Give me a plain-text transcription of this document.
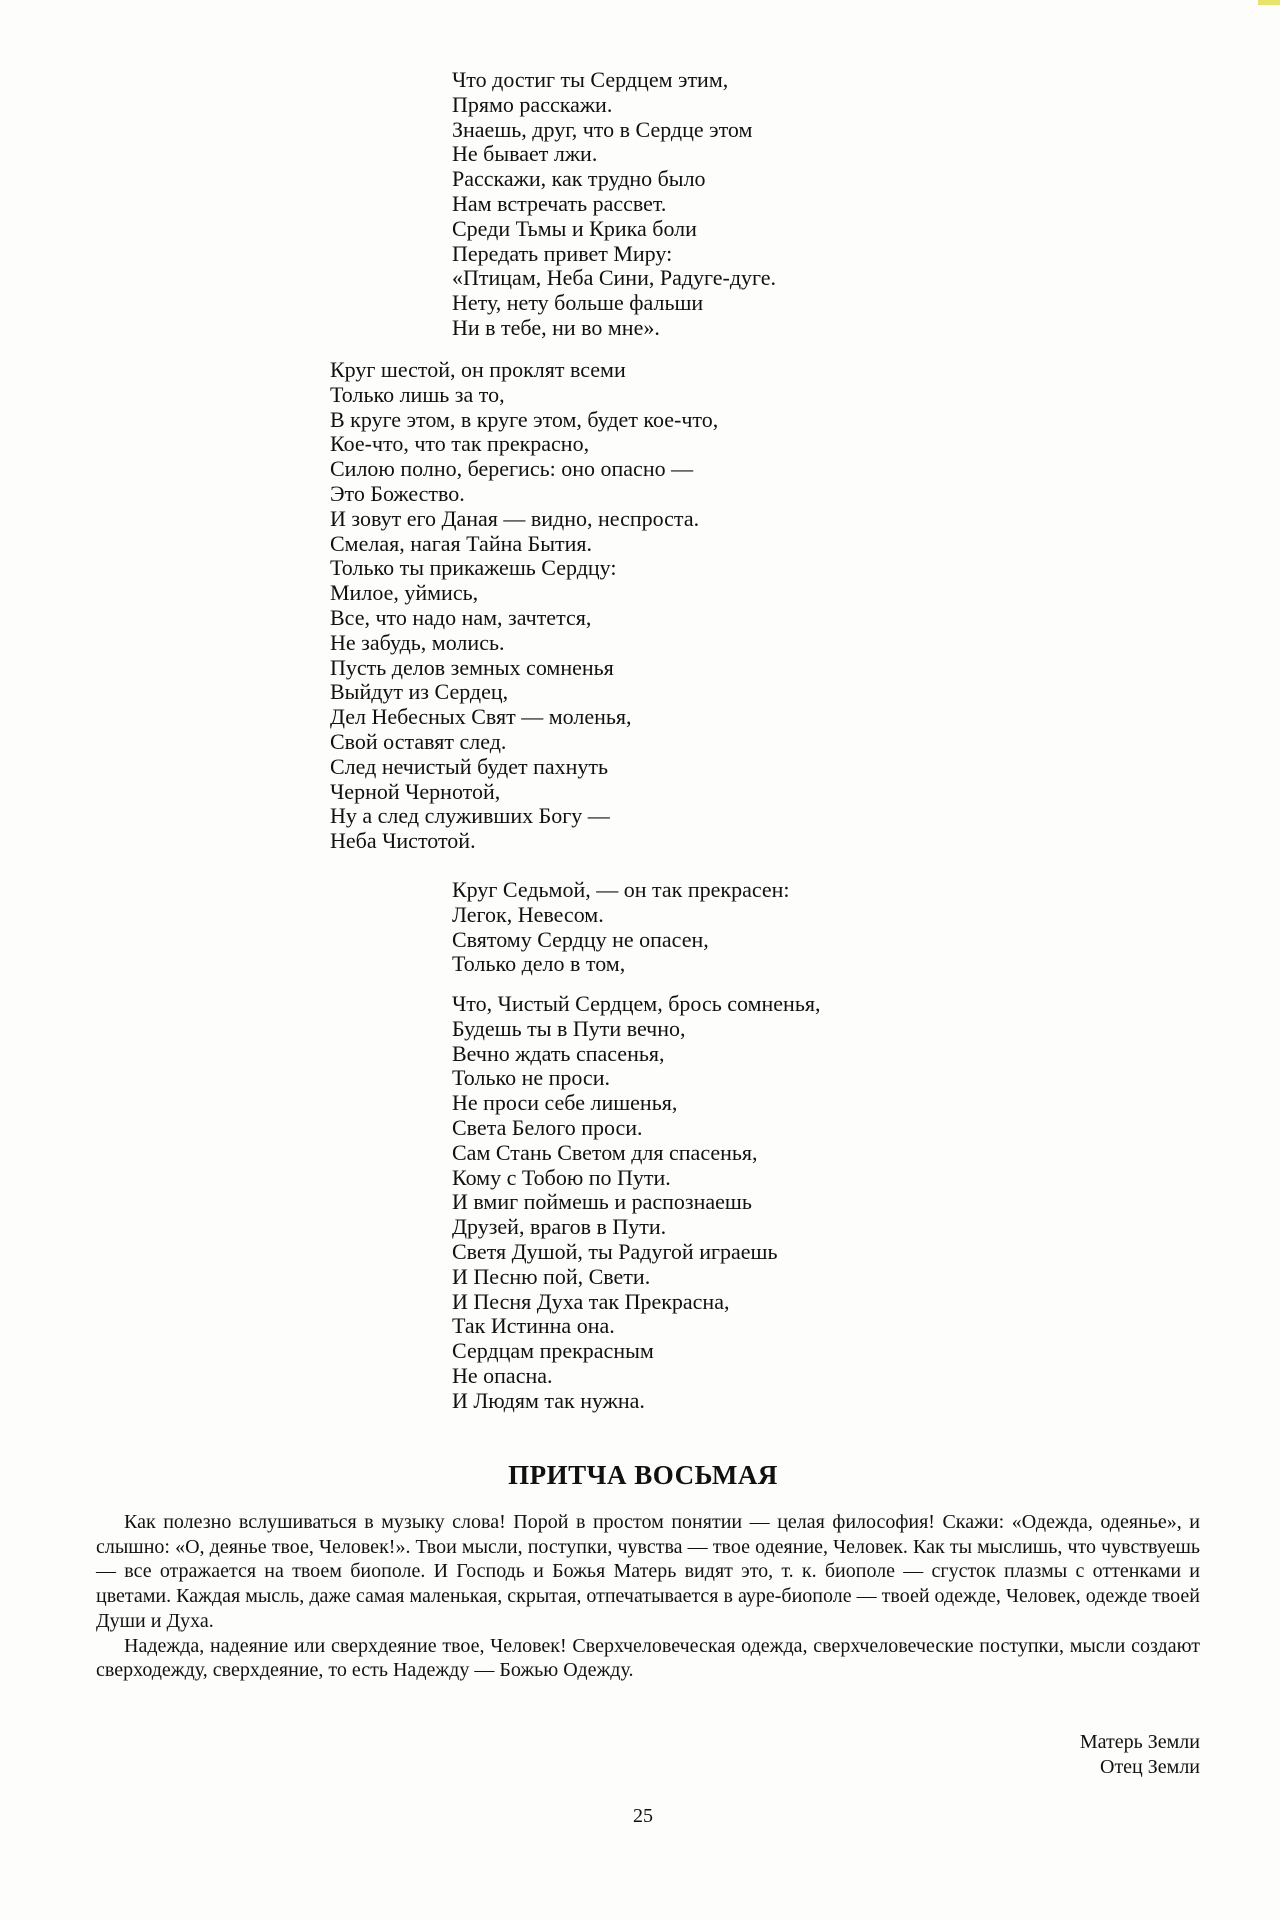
Что достиг ты Сердцем этим,
Прямо расскажи.
Знаешь, друг, что в Сердце этом
Не бывает лжи.
Расскажи, как трудно было
Нам встречать рассвет.
Среди Тьмы и Крика боли
Передать привет Миру:
«Птицам, Неба Сини, Радуге-дуге.
Нету, нету больше фальши
Ни в тебе, ни во мне».
Круг шестой, он проклят всеми
Только лишь за то,
В круге этом, в круге этом, будет кое-что,
Кое-что, что так прекрасно,
Силою полно, берегись: оно опасно —
Это Божество.
И зовут его Даная — видно, неспроста.
Смелая, нагая Тайна Бытия.
Только ты прикажешь Сердцу:
Милое, уймись,
Все, что надо нам, зачтется,
Не забудь, молись.
Пусть делов земных сомненья
Выйдут из Сердец,
Дел Небесных Свят — моленья,
Свой оставят след.
След нечистый будет пахнуть
Черной Чернотой,
Ну а след служивших Богу —
Неба Чистотой.
Круг Седьмой, — он так прекрасен:
Легок, Невесом.
Святому Сердцу не опасен,
Только дело в том,
Что, Чистый Сердцем, брось сомненья,
Будешь ты в Пути вечно,
Вечно ждать спасенья,
Только не проси.
Не проси себе лишенья,
Света Белого проси.
Сам Стань Светом для спасенья,
Кому с Тобою по Пути.
И вмиг поймешь и распознаешь
Друзей, врагов в Пути.
Светя Душой, ты Радугой играешь
И Песню пой, Свети.
И Песня Духа так Прекрасна,
Так Истинна она.
Сердцам прекрасным
Не опасна.
И Людям так нужна.
ПРИТЧА ВОСЬМАЯ

Как полезно вслушиваться в музыку слова! Порой в простом понятии — целая философия! Скажи: «Одежда, одеянье», и слышно: «О, деянье твое, Человек!». Твои мысли, поступки, чувства — твое одеяние, Человек. Как ты мыслишь, что чувствуешь — все отражается на твоем биополе. И Господь и Божья Матерь видят это, т. к. биополе — сгусток плазмы с оттенками и цветами. Каждая мысль, даже самая маленькая, скрытая, отпечатывается в ауре-биополе — твоей одежде, Человек, одежде твоей Души и Духа.

Надежда, надеяние или сверхдеяние твое, Человек! Сверхчеловеческая одежда, сверхчеловеческие поступки, мысли создают сверходежду, сверхдеяние, то есть Надежду — Божью Одежду.

Матерь Земли
Отец Земли
25
